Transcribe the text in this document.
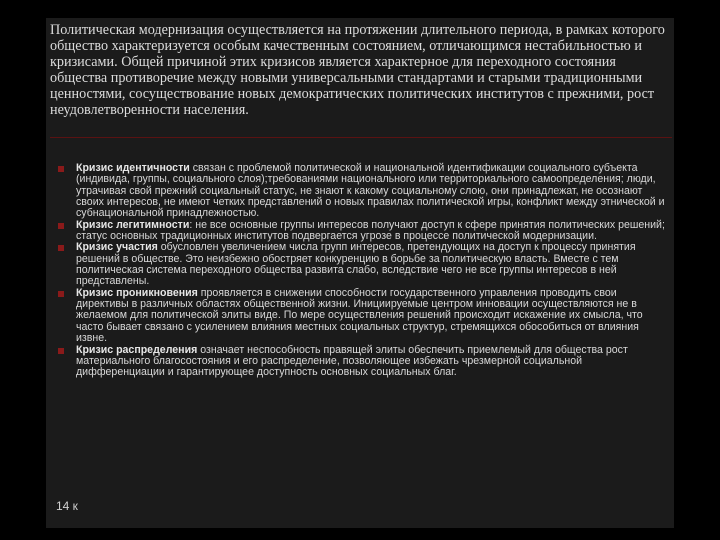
Политическая модернизация осуществляется на протяжении длительного периода, в рамках которого общество характеризуется особым качественным состоянием, отличающимся нестабильностью и кризисами. Общей причиной этих кризисов является характерное для переходного состояния общества противоречие между новыми универсальными стандартами и старыми традиционными ценностями, сосуществование новых демократических политических институтов с прежними, рост неудовлетворенности населения.

Кризис идентичности связан с проблемой политической и национальной идентификации социального субъекта (индивида, группы, социального слоя);требованиями национального или территориального самоопределения; люди, утрачивая свой прежний социальный статус, не знают к какому социальному слою, они принадлежат, не осознают своих интересов, не имеют четких представлений о новых правилах политической игры, конфликт между этнической и субнациональной принадлежностью.
Кризис легитимности: не все основные группы интересов получают доступ к сфере принятия политических решений; статус основных традиционных институтов подвергается угрозе в процессе политической модернизации.
Кризис участия обусловлен увеличением числа групп интересов, претендующих на доступ к процессу принятия решений в обществе. Это неизбежно обостряет конкуренцию в борьбе за политическую власть. Вместе с тем политическая система переходного общества развита слабо, вследствие чего не все группы интересов в ней представлены.
Кризис проникновения проявляется в снижении способности государственного управления проводить свои директивы в различных областях общественной жизни. Инициируемые центром инновации осуществляются не в желаемом для политической элиты виде. По мере осуществления решений происходит искажение их смысла, что часто бывает связано с усилением влияния местных социальных структур, стремящихся обособиться от влияния извне.
Кризис распределения означает неспособность правящей элиты обеспечить приемлемый для общества рост материального благосостояния и его распределение, позволяющее избежать чрезмерной социальной дифференциации и гарантирующее доступность основных социальных благ.
14 к
